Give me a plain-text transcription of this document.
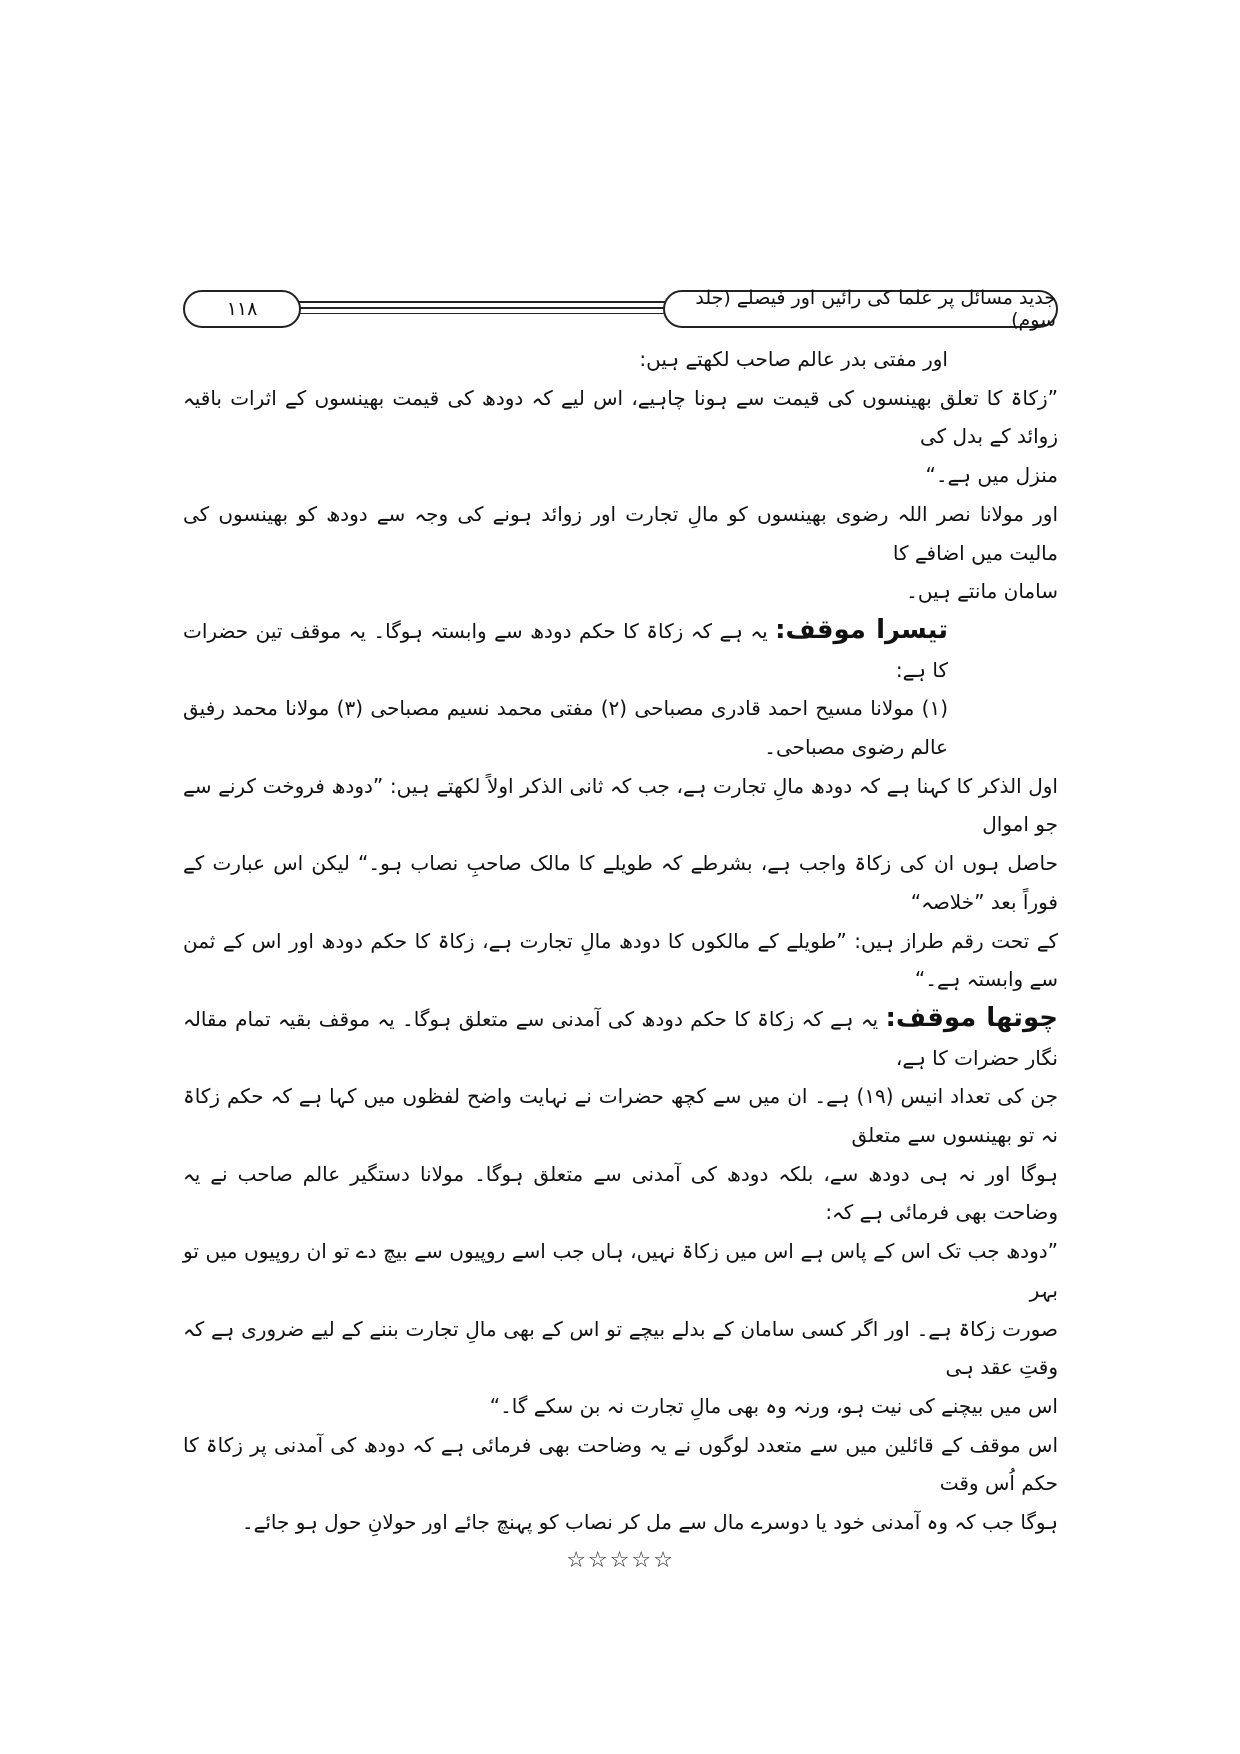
۱۱۸	جدید مسائل پر علما کی رائیں اور فیصلے (جلد سوم)

اور مفتی بدر عالم صاحب لکھتے ہیں:

”زکاۃ کا تعلق بھینسوں کی قیمت سے ہونا چاہیے، اس لیے کہ دودھ کی قیمت بھینسوں کے اثرات باقیہ زوائد کے بدل کی

منزل میں ہے۔“

اور مولانا نصر اللہ رضوی بھینسوں کو مالِ تجارت اور زوائد ہونے کی وجہ سے دودھ کو بھینسوں کی مالیت میں اضافے کا

سامان مانتے ہیں۔

تیسرا موقف: یہ ہے کہ زکاۃ کا حکم دودھ سے وابستہ ہوگا۔ یہ موقف تین حضرات کا ہے:

(۱) مولانا مسیح احمد قادری مصباحی (۲) مفتی محمد نسیم مصباحی (۳) مولانا محمد رفیق عالم رضوی مصباحی۔

اول الذکر کا کہنا ہے کہ دودھ مالِ تجارت ہے، جب کہ ثانی الذکر اولاً لکھتے ہیں: ”دودھ فروخت کرنے سے جو اموال

حاصل ہوں ان کی زکاۃ واجب ہے، بشرطے کہ طویلے کا مالک صاحبِ نصاب ہو۔“ لیکن اس عبارت کے فوراً بعد ”خلاصہ“

کے تحت رقم طراز ہیں: ”طویلے کے مالکوں کا دودھ مالِ تجارت ہے، زکاۃ کا حکم دودھ اور اس کے ثمن سے وابستہ ہے۔“

چوتھا موقف: یہ ہے کہ زکاۃ کا حکم دودھ کی آمدنی سے متعلق ہوگا۔ یہ موقف بقیہ تمام مقالہ نگار حضرات کا ہے،

جن کی تعداد انیس (۱۹) ہے۔ ان میں سے کچھ حضرات نے نہایت واضح لفظوں میں کہا ہے کہ حکم زکاۃ نہ تو بھینسوں سے متعلق

ہوگا اور نہ ہی دودھ سے، بلکہ دودھ کی آمدنی سے متعلق ہوگا۔ مولانا دستگیر عالم صاحب نے یہ وضاحت بھی فرمائی ہے کہ:

”دودھ جب تک اس کے پاس ہے اس میں زکاۃ نہیں، ہاں جب اسے روپیوں سے بیچ دے تو ان روپیوں میں تو بہر

صورت زکاۃ ہے۔ اور اگر کسی سامان کے بدلے بیچے تو اس کے بھی مالِ تجارت بننے کے لیے ضروری ہے کہ وقتِ عقد ہی

اس میں بیچنے کی نیت ہو، ورنہ وہ بھی مالِ تجارت نہ بن سکے گا۔“

اس موقف کے قائلین میں سے متعدد لوگوں نے یہ وضاحت بھی فرمائی ہے کہ دودھ کی آمدنی پر زکاۃ کا حکم اُس وقت

ہوگا جب کہ وہ آمدنی خود یا دوسرے مال سے مل کر نصاب کو پہنچ جائے اور حولانِ حول ہو جائے۔

☆☆☆☆☆
